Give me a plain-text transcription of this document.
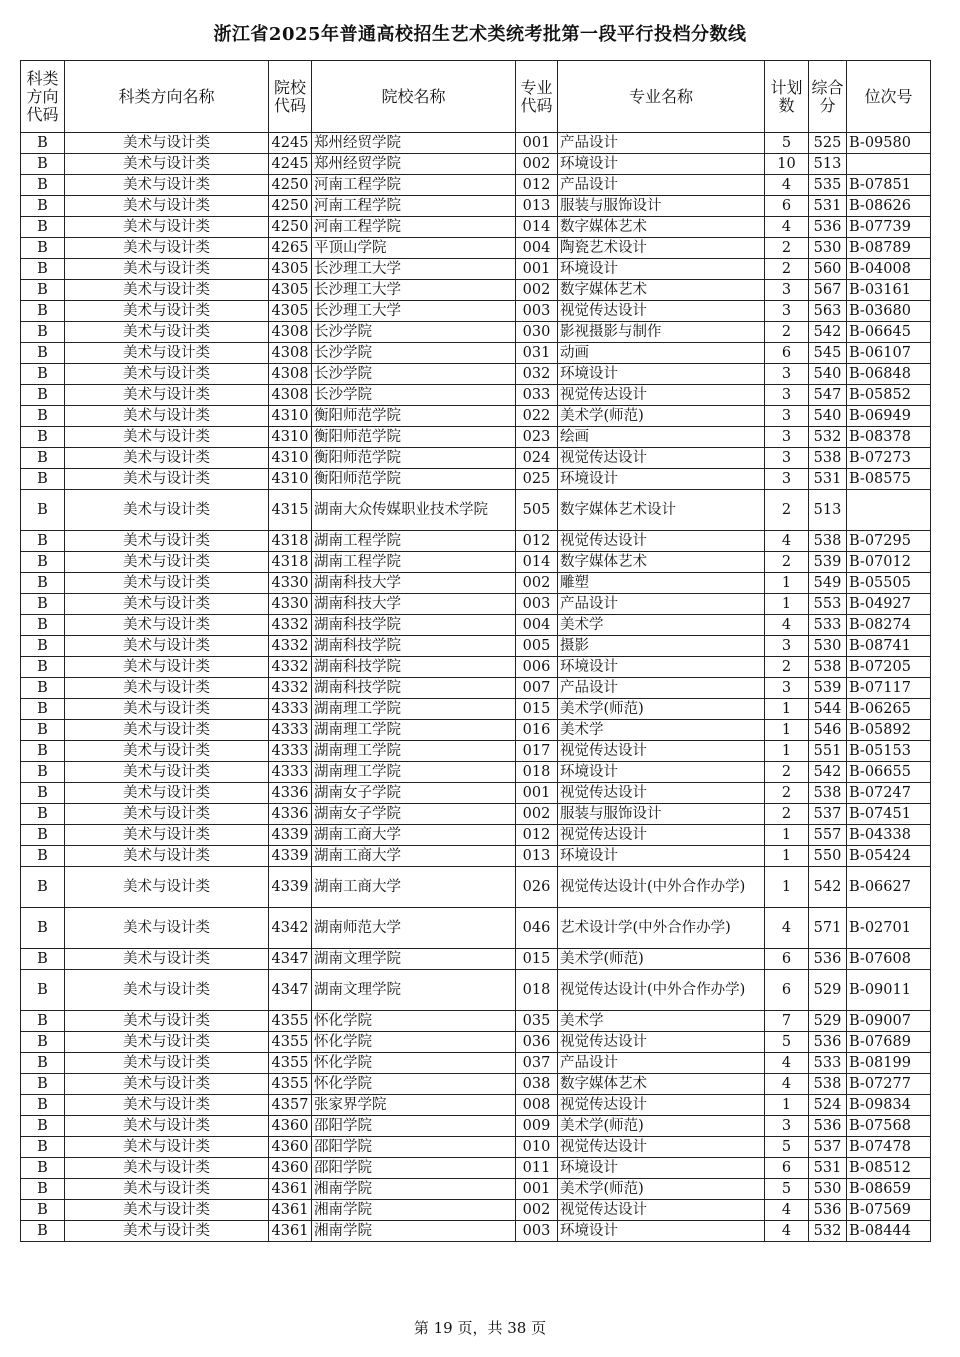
浙江省2025年普通高校招生艺术类统考批第一段平行投档分数线
科类方向代码	科类方向名称	院校代码	院校名称	专业代码	专业名称	计划数	综合分	位次号
B	美术与设计类	4245	郑州经贸学院	001	产品设计	5	525	B-09580
B	美术与设计类	4245	郑州经贸学院	002	环境设计	10	513	
B	美术与设计类	4250	河南工程学院	012	产品设计	4	535	B-07851
B	美术与设计类	4250	河南工程学院	013	服装与服饰设计	6	531	B-08626
B	美术与设计类	4250	河南工程学院	014	数字媒体艺术	4	536	B-07739
B	美术与设计类	4265	平顶山学院	004	陶瓷艺术设计	2	530	B-08789
B	美术与设计类	4305	长沙理工大学	001	环境设计	2	560	B-04008
B	美术与设计类	4305	长沙理工大学	002	数字媒体艺术	3	567	B-03161
B	美术与设计类	4305	长沙理工大学	003	视觉传达设计	3	563	B-03680
B	美术与设计类	4308	长沙学院	030	影视摄影与制作	2	542	B-06645
B	美术与设计类	4308	长沙学院	031	动画	6	545	B-06107
B	美术与设计类	4308	长沙学院	032	环境设计	3	540	B-06848
B	美术与设计类	4308	长沙学院	033	视觉传达设计	3	547	B-05852
B	美术与设计类	4310	衡阳师范学院	022	美术学(师范)	3	540	B-06949
B	美术与设计类	4310	衡阳师范学院	023	绘画	3	532	B-08378
B	美术与设计类	4310	衡阳师范学院	024	视觉传达设计	3	538	B-07273
B	美术与设计类	4310	衡阳师范学院	025	环境设计	3	531	B-08575
B	美术与设计类	4315	湖南大众传媒职业技术学院	505	数字媒体艺术设计	2	513	
B	美术与设计类	4318	湖南工程学院	012	视觉传达设计	4	538	B-07295
B	美术与设计类	4318	湖南工程学院	014	数字媒体艺术	2	539	B-07012
B	美术与设计类	4330	湖南科技大学	002	雕塑	1	549	B-05505
B	美术与设计类	4330	湖南科技大学	003	产品设计	1	553	B-04927
B	美术与设计类	4332	湖南科技学院	004	美术学	4	533	B-08274
B	美术与设计类	4332	湖南科技学院	005	摄影	3	530	B-08741
B	美术与设计类	4332	湖南科技学院	006	环境设计	2	538	B-07205
B	美术与设计类	4332	湖南科技学院	007	产品设计	3	539	B-07117
B	美术与设计类	4333	湖南理工学院	015	美术学(师范)	1	544	B-06265
B	美术与设计类	4333	湖南理工学院	016	美术学	1	546	B-05892
B	美术与设计类	4333	湖南理工学院	017	视觉传达设计	1	551	B-05153
B	美术与设计类	4333	湖南理工学院	018	环境设计	2	542	B-06655
B	美术与设计类	4336	湖南女子学院	001	视觉传达设计	2	538	B-07247
B	美术与设计类	4336	湖南女子学院	002	服装与服饰设计	2	537	B-07451
B	美术与设计类	4339	湖南工商大学	012	视觉传达设计	1	557	B-04338
B	美术与设计类	4339	湖南工商大学	013	环境设计	1	550	B-05424
B	美术与设计类	4339	湖南工商大学	026	视觉传达设计(中外合作办学)	1	542	B-06627
B	美术与设计类	4342	湖南师范大学	046	艺术设计学(中外合作办学)	4	571	B-02701
B	美术与设计类	4347	湖南文理学院	015	美术学(师范)	6	536	B-07608
B	美术与设计类	4347	湖南文理学院	018	视觉传达设计(中外合作办学)	6	529	B-09011
B	美术与设计类	4355	怀化学院	035	美术学	7	529	B-09007
B	美术与设计类	4355	怀化学院	036	视觉传达设计	5	536	B-07689
B	美术与设计类	4355	怀化学院	037	产品设计	4	533	B-08199
B	美术与设计类	4355	怀化学院	038	数字媒体艺术	4	538	B-07277
B	美术与设计类	4357	张家界学院	008	视觉传达设计	1	524	B-09834
B	美术与设计类	4360	邵阳学院	009	美术学(师范)	3	536	B-07568
B	美术与设计类	4360	邵阳学院	010	视觉传达设计	5	537	B-07478
B	美术与设计类	4360	邵阳学院	011	环境设计	6	531	B-08512
B	美术与设计类	4361	湘南学院	001	美术学(师范)	5	530	B-08659
B	美术与设计类	4361	湘南学院	002	视觉传达设计	4	536	B-07569
B	美术与设计类	4361	湘南学院	003	环境设计	4	532	B-08444
第 19 页，共 38 页
